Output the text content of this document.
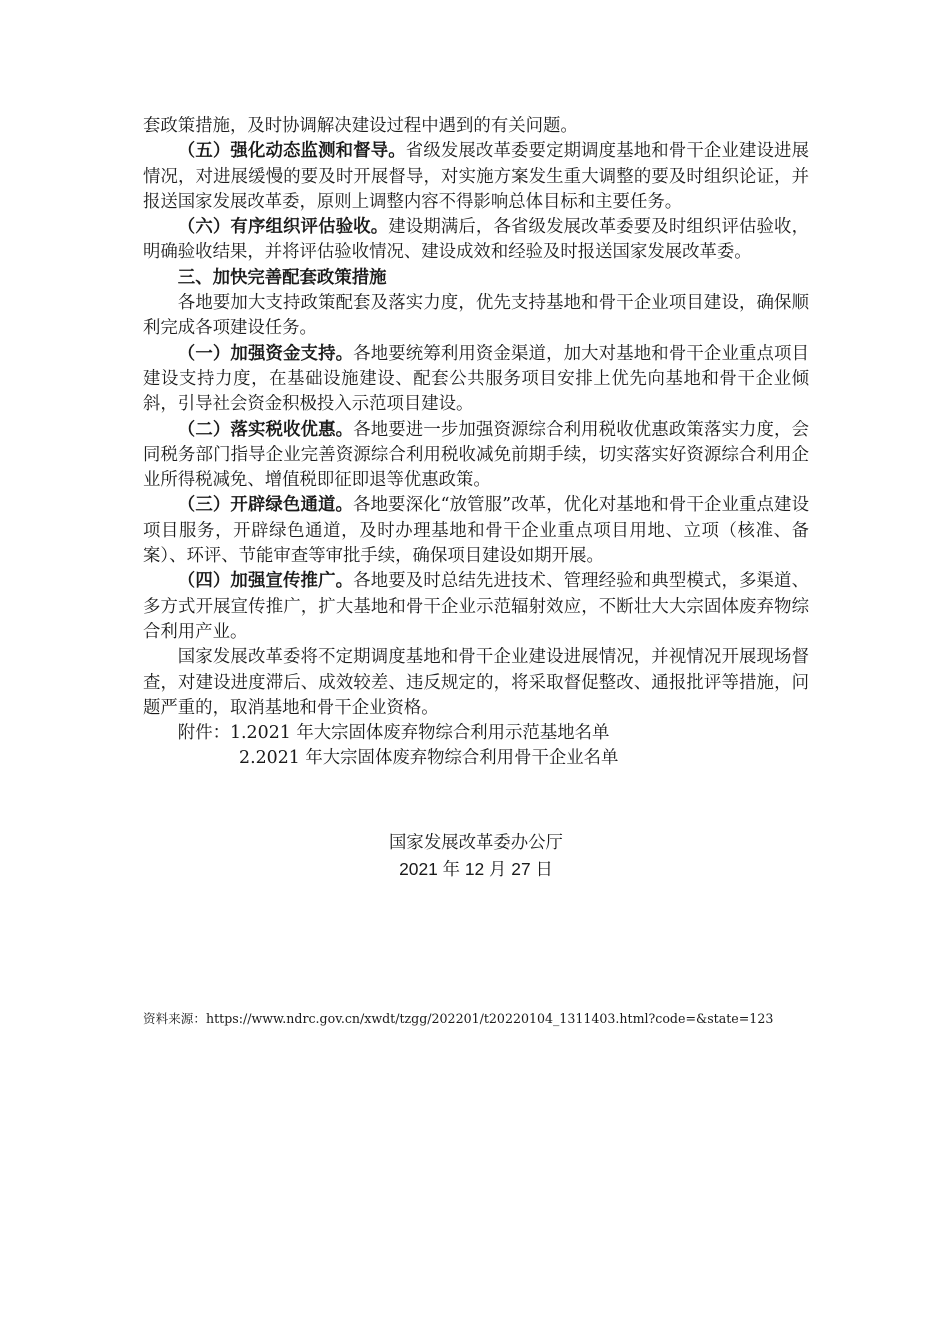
套政策措施，及时协调解决建设过程中遇到的有关问题。

（五）强化动态监测和督导。省级发展改革委要定期调度基地和骨干企业建设进展情况，对进展缓慢的要及时开展督导，对实施方案发生重大调整的要及时组织论证，并报送国家发展改革委，原则上调整内容不得影响总体目标和主要任务。

（六）有序组织评估验收。建设期满后，各省级发展改革委要及时组织评估验收，明确验收结果，并将评估验收情况、建设成效和经验及时报送国家发展改革委。

三、加快完善配套政策措施

各地要加大支持政策配套及落实力度，优先支持基地和骨干企业项目建设，确保顺利完成各项建设任务。

（一）加强资金支持。各地要统筹利用资金渠道，加大对基地和骨干企业重点项目建设支持力度，在基础设施建设、配套公共服务项目安排上优先向基地和骨干企业倾斜，引导社会资金积极投入示范项目建设。

（二）落实税收优惠。各地要进一步加强资源综合利用税收优惠政策落实力度，会同税务部门指导企业完善资源综合利用税收减免前期手续，切实落实好资源综合利用企业所得税减免、增值税即征即退等优惠政策。

（三）开辟绿色通道。各地要深化“放管服”改革，优化对基地和骨干企业重点建设项目服务，开辟绿色通道，及时办理基地和骨干企业重点项目用地、立项（核准、备案）、环评、节能审查等审批手续，确保项目建设如期开展。

（四）加强宣传推广。各地要及时总结先进技术、管理经验和典型模式，多渠道、多方式开展宣传推广，扩大基地和骨干企业示范辐射效应，不断壮大大宗固体废弃物综合利用产业。

国家发展改革委将不定期调度基地和骨干企业建设进展情况，并视情况开展现场督查，对建设进度滞后、成效较差、违反规定的，将采取督促整改、通报批评等措施，问题严重的，取消基地和骨干企业资格。

附件：1.2021 年大宗固体废弃物综合利用示范基地名单

2.2021 年大宗固体废弃物综合利用骨干企业名单

国家发展改革委办公厅
2021 年 12 月 27 日
资料来源：https://www.ndrc.gov.cn/xwdt/tzgg/202201/t20220104_1311403.html?code=&state=123
